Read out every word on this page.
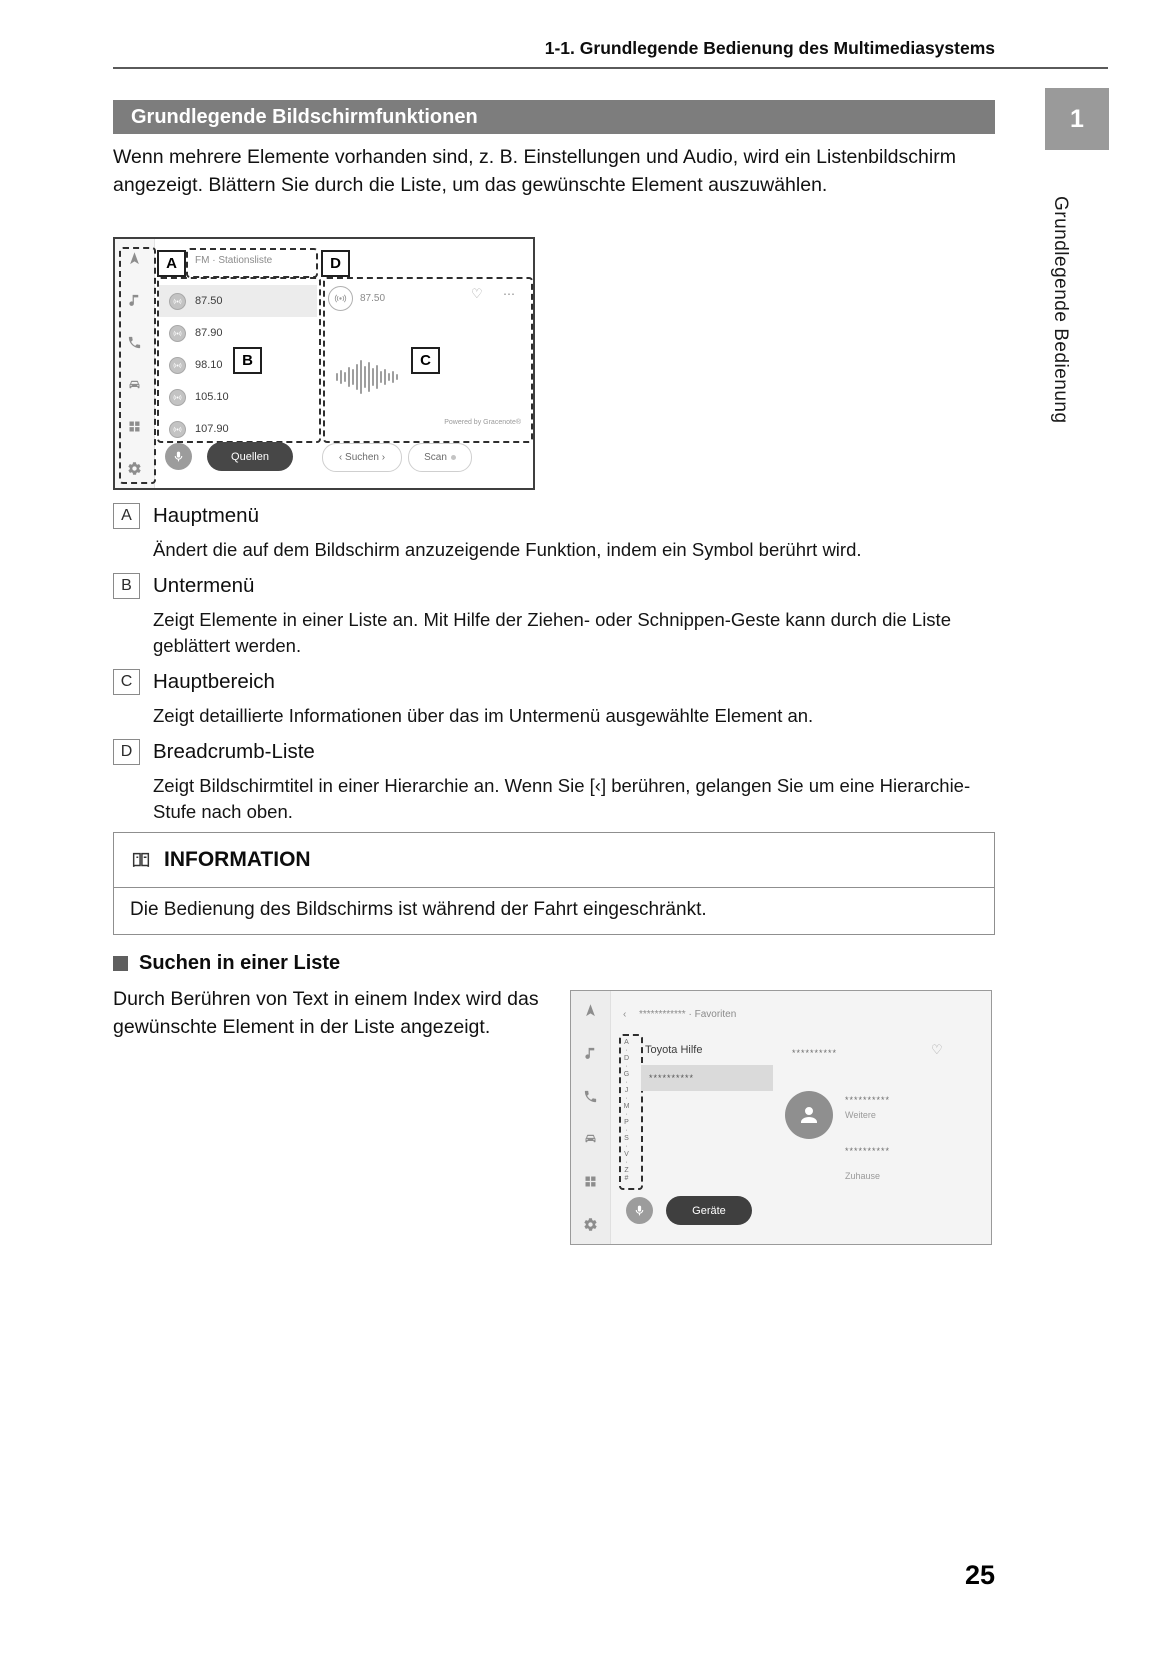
1-1. Grundlegende Bedienung des Multimediasystems
1
Grundlegende Bedienung
Grundlegende Bildschirmfunktionen

Wenn mehrere Elemente vorhanden sind, z. B. Einstellungen und Audio, wird ein Listenbildschirm angezeigt. Blättern Sie durch die Liste, um das gewünschte Element auszuwählen.

A	FM · Stationsliste	D
87.50
87.90
98.10
105.10
107.90
B	C
87.50	♡ ⋯
Powered by Gracenote®
Quellen	‹ Suchen ›	Scan
A	Hauptmenü

Ändert die auf dem Bildschirm anzuzeigende Funktion, indem ein Symbol berührt wird.

B	Untermenü

Zeigt Elemente in einer Liste an. Mit Hilfe der Ziehen- oder Schnippen-Geste kann durch die Liste geblättert werden.

C	Hauptbereich

Zeigt detaillierte Informationen über das im Untermenü ausgewählte Element an.

D	Breadcrumb-Liste

Zeigt Bildschirmtitel in einer Hierarchie an. Wenn Sie [‹] berühren, gelangen Sie um eine Hierarchie-Stufe nach oben.

INFORMATION
Die Bedienung des Bildschirms ist während der Fahrt eingeschränkt.
Suchen in einer Liste

Durch Berühren von Text in einem Index wird das gewünschte Element in der Liste angezeigt.

‹ ************ · Favoriten
A·D·G·J·M·P·S·V·Z#	Toyota Hilfe
**********
**********	♡
**********
Weitere
**********
Zuhause
Geräte
25
